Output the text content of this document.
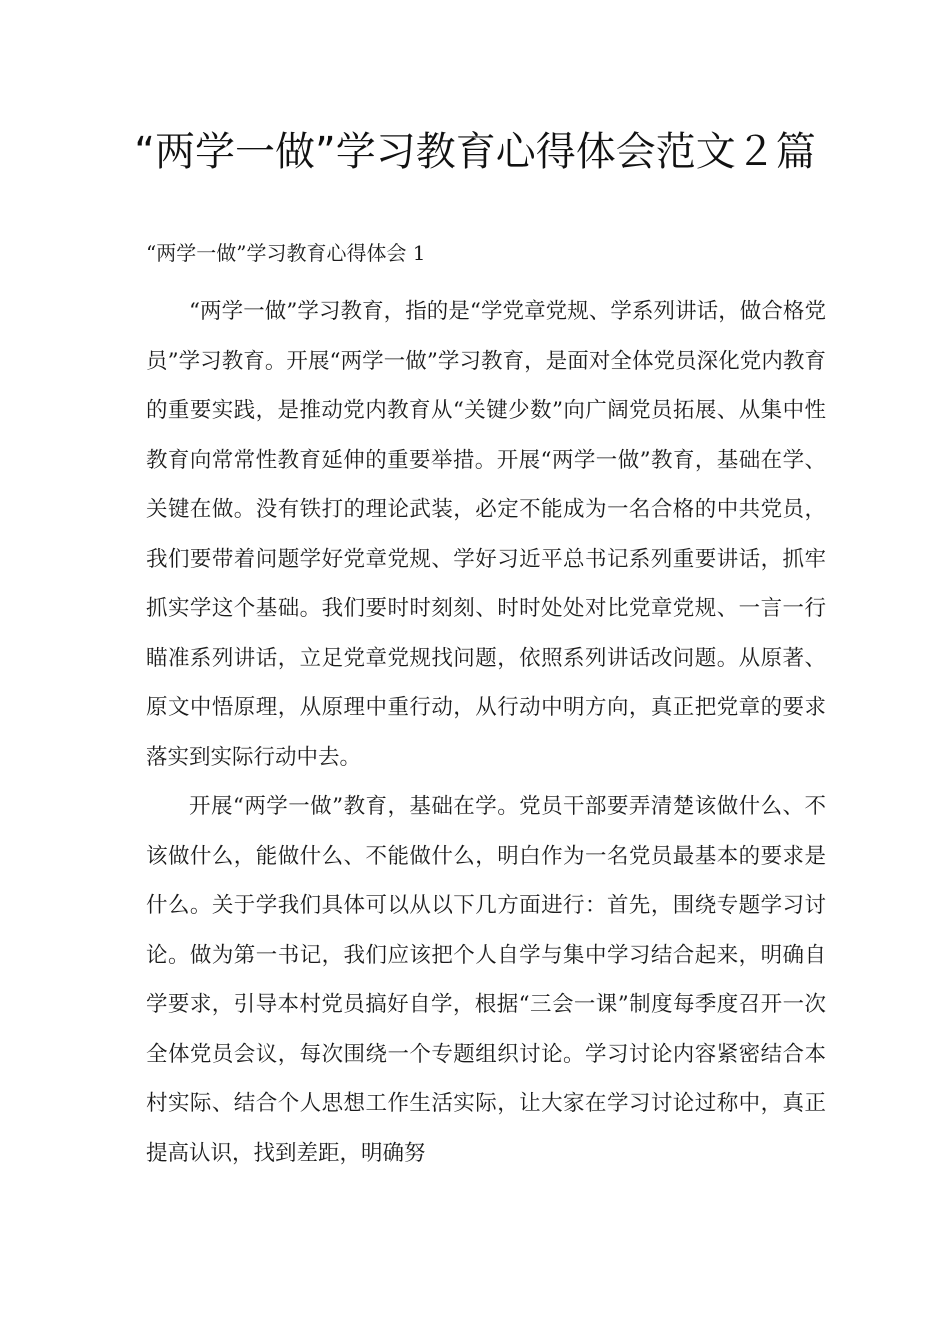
“两学一做”学习教育心得体会范文２篇

“两学一做”学习教育心得体会 1

“两学一做”学习教育，指的是“学党章党规、学系列讲话，做合格党员”学习教育。开展“两学一做”学习教育，是面对全体党员深化党内教育的重要实践，是推动党内教育从“关键少数”向广阔党员拓展、从集中性教育向常常性教育延伸的重要举措。开展“两学一做”教育，基础在学、关键在做。没有铁打的理论武装，必定不能成为一名合格的中共党员，我们要带着问题学好党章党规、学好习近平总书记系列重要讲话，抓牢抓实学这个基础。我们要时时刻刻、时时处处对比党章党规、一言一行瞄准系列讲话，立足党章党规找问题，依照系列讲话改问题。从原著、原文中悟原理，从原理中重行动，从行动中明方向，真正把党章的要求落实到实际行动中去。

开展“两学一做”教育，基础在学。党员干部要弄清楚该做什么、不该做什么，能做什么、不能做什么，明白作为一名党员最基本的要求是什么。关于学我们具体可以从以下几方面进行：首先，围绕专题学习讨论。做为第一书记，我们应该把个人自学与集中学习结合起来，明确自学要求，引导本村党员搞好自学，根据“三会一课”制度每季度召开一次全体党员会议，每次围绕一个专题组织讨论。学习讨论内容紧密结合本村实际、结合个人思想工作生活实际，让大家在学习讨论过称中，真正提高认识，找到差距，明确努
